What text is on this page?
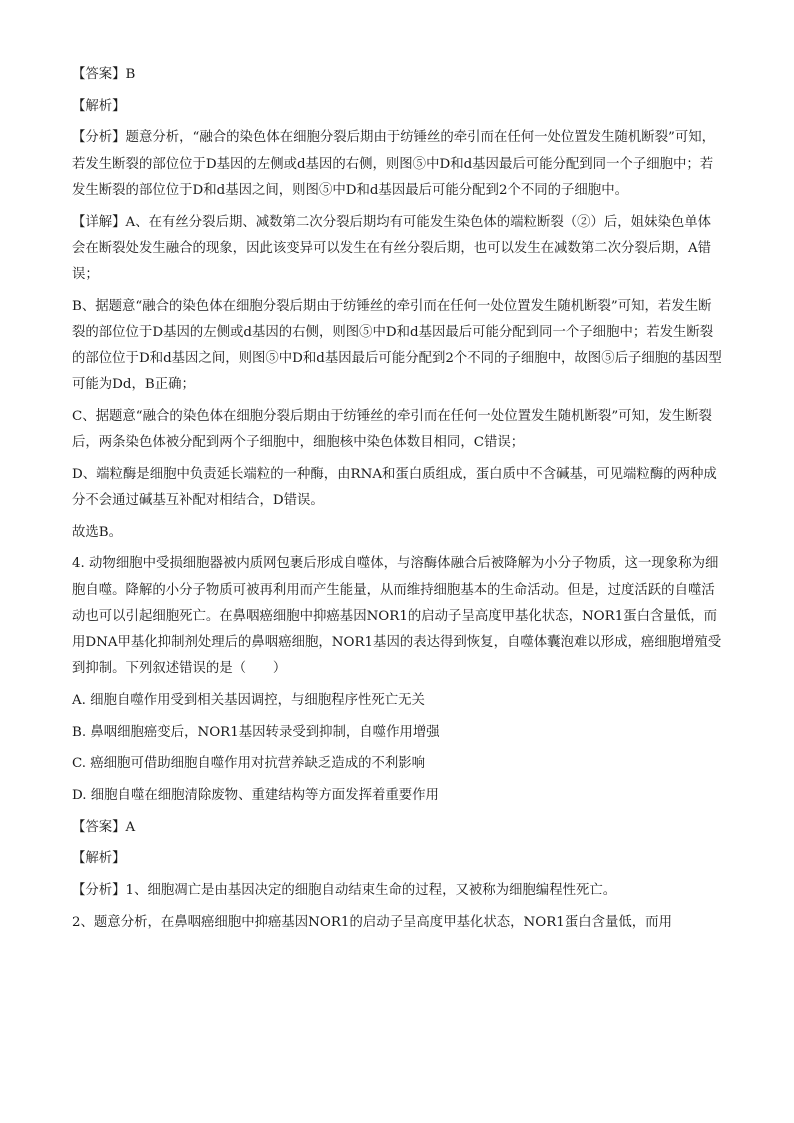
【答案】B

【解析】

【分析】题意分析，“融合的染色体在细胞分裂后期由于纺锤丝的牵引而在任何一处位置发生随机断裂”可知，若发生断裂的部位位于D基因的左侧或d基因的右侧，则图⑤中D和d基因最后可能分配到同一个子细胞中；若发生断裂的部位位于D和d基因之间，则图⑤中D和d基因最后可能分配到2个不同的子细胞中。

【详解】A、在有丝分裂后期、减数第二次分裂后期均有可能发生染色体的端粒断裂（②）后，姐妹染色单体会在断裂处发生融合的现象，因此该变异可以发生在有丝分裂后期，也可以发生在减数第二次分裂后期，A错误；

B、据题意“融合的染色体在细胞分裂后期由于纺锤丝的牵引而在任何一处位置发生随机断裂”可知，若发生断裂的部位位于D基因的左侧或d基因的右侧，则图⑤中D和d基因最后可能分配到同一个子细胞中；若发生断裂的部位位于D和d基因之间，则图⑤中D和d基因最后可能分配到2个不同的子细胞中，故图⑤后子细胞的基因型可能为Dd，B正确；

C、据题意“融合的染色体在细胞分裂后期由于纺锤丝的牵引而在任何一处位置发生随机断裂”可知，发生断裂后，两条染色体被分配到两个子细胞中，细胞核中染色体数目相同，C错误；

D、端粒酶是细胞中负责延长端粒的一种酶，由RNA和蛋白质组成，蛋白质中不含碱基，可见端粒酶的两种成分不会通过碱基互补配对相结合，D错误。

故选B。

4. 动物细胞中受损细胞器被内质网包裹后形成自噬体，与溶酶体融合后被降解为小分子物质，这一现象称为细胞自噬。降解的小分子物质可被再利用而产生能量，从而维持细胞基本的生命活动。但是，过度活跃的自噬活动也可以引起细胞死亡。在鼻咽癌细胞中抑癌基因NOR1的启动子呈高度甲基化状态，NOR1蛋白含量低，而用DNA甲基化抑制剂处理后的鼻咽癌细胞，NOR1基因的表达得到恢复，自噬体囊泡难以形成，癌细胞增殖受到抑制。下列叙述错误的是（　　）

A. 细胞自噬作用受到相关基因调控，与细胞程序性死亡无关

B. 鼻咽细胞癌变后，NOR1基因转录受到抑制，自噬作用增强

C. 癌细胞可借助细胞自噬作用对抗营养缺乏造成的不利影响

D. 细胞自噬在细胞清除废物、重建结构等方面发挥着重要作用

【答案】A

【解析】

【分析】1、细胞凋亡是由基因决定的细胞自动结束生命的过程，又被称为细胞编程性死亡。

2、题意分析，在鼻咽癌细胞中抑癌基因NOR1的启动子呈高度甲基化状态，NOR1蛋白含量低，而用
